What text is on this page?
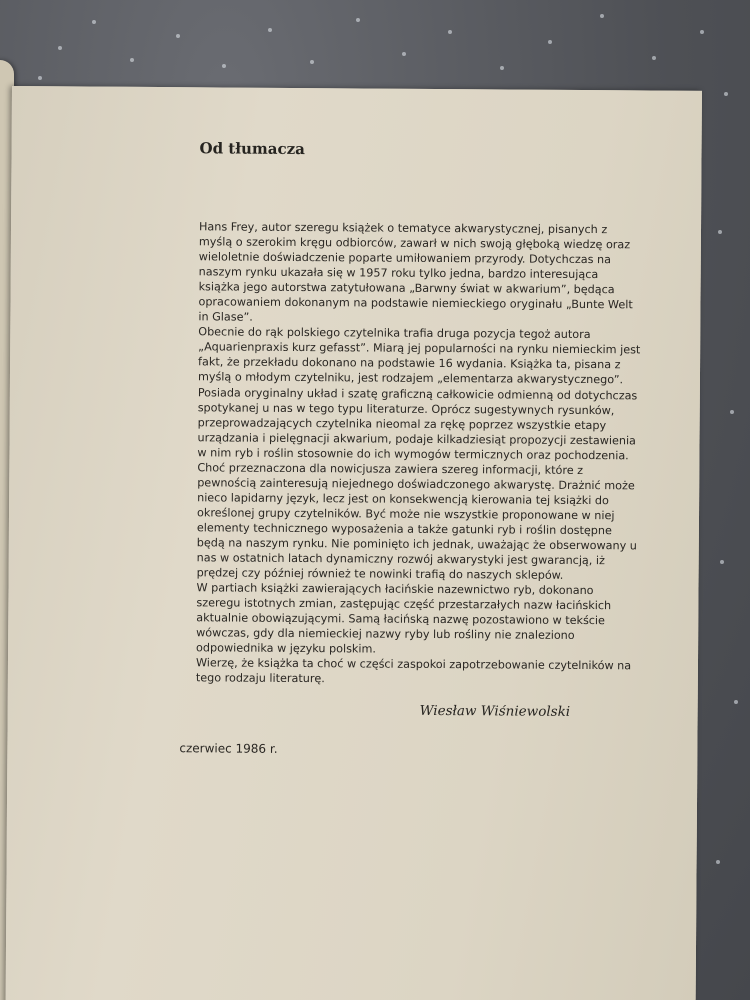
Od tłumacza

Hans Frey, autor szeregu książek o tematyce akwarystycznej, pisanych z myślą o szerokim kręgu odbiorców, zawarł w nich swoją głęboką wiedzę oraz wieloletnie doświadczenie poparte umiłowaniem przyrody. Dotychczas na naszym rynku ukazała się w 1957 roku tylko jedna, bardzo interesująca książka jego autorstwa zatytułowana „Barwny świat w akwarium”, będąca opracowaniem dokonanym na podstawie niemieckiego oryginału „Bunte Welt in Glase”.

Obecnie do rąk polskiego czytelnika trafia druga pozycja tegoż autora „Aquarienpraxis kurz gefasst”. Miarą jej popularności na rynku niemieckim jest fakt, że przekładu dokonano na podstawie 16 wydania. Książka ta, pisana z myślą o młodym czytelniku, jest rodzajem „elementarza akwarystycznego”. Posiada oryginalny układ i szatę graficzną całkowicie odmienną od dotychczas spotykanej u nas w tego typu literaturze. Oprócz sugestywnych rysunków, przeprowadzających czytelnika nieomal za rękę poprzez wszystkie etapy urządzania i pielęgnacji akwarium, podaje kilkadziesiąt propozycji zestawienia w nim ryb i roślin stosownie do ich wymogów termicznych oraz pochodzenia. Choć przeznaczona dla nowicjusza zawiera szereg informacji, które z pewnością zainteresują niejednego doświadczonego akwarystę. Drażnić może nieco lapidarny język, lecz jest on konsekwencją kierowania tej książki do określonej grupy czytelników. Być może nie wszystkie proponowane w niej elementy technicznego wyposażenia a także gatunki ryb i roślin dostępne będą na naszym rynku. Nie pominięto ich jednak, uważając że obserwowany u nas w ostatnich latach dynamiczny rozwój akwarystyki jest gwarancją, iż prędzej czy później również te nowinki trafią do naszych sklepów.

W partiach książki zawierających łacińskie nazewnictwo ryb, dokonano szeregu istotnych zmian, zastępując część przestarzałych nazw łacińskich aktualnie obowiązującymi. Samą łacińską nazwę pozostawiono w tekście wówczas, gdy dla niemieckiej nazwy ryby lub rośliny nie znaleziono odpowiednika w języku polskim.

Wierzę, że książka ta choć w części zaspokoi zapotrzebowanie czytelników na tego rodzaju literaturę.

Wiesław Wiśniewolski

czerwiec 1986 r.
